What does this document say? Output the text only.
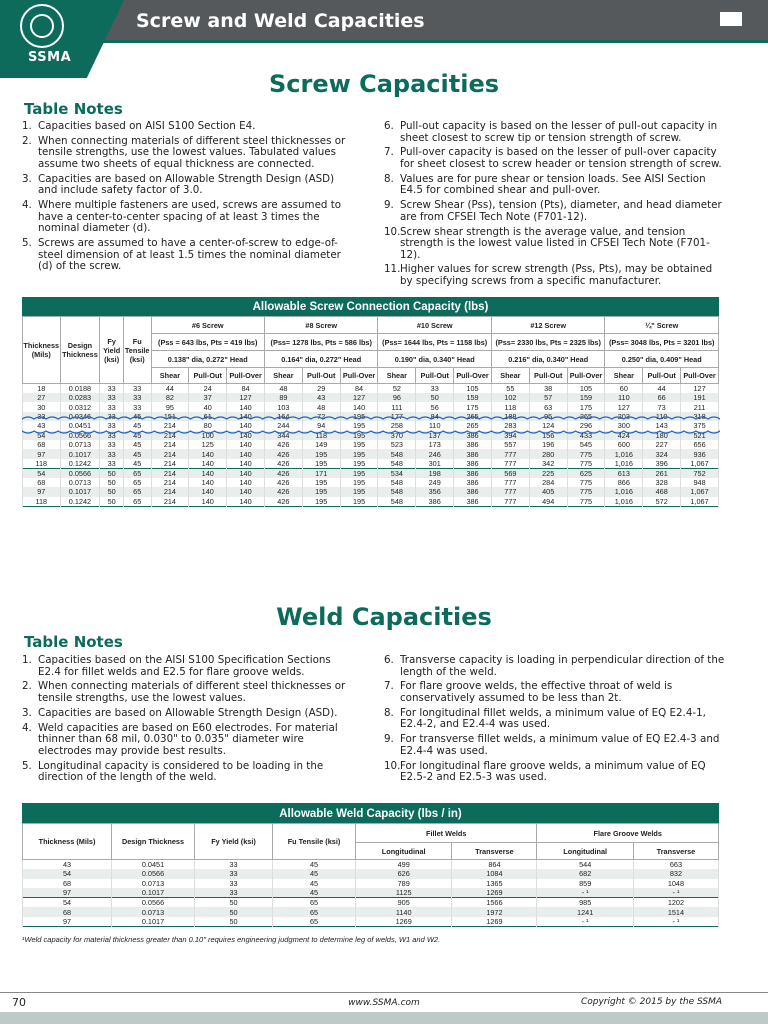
SSMA
Screw and Weld Capacities
Screw Capacities
Table Notes
1. Capacities based on AISI S100 Section E4.
2. When connecting materials of different steel thicknesses or tensile strengths, use the lowest values. Tabulated values assume two sheets of equal thickness are connected.
3. Capacities are based on Allowable Strength Design (ASD) and include safety factor of 3.0.
4. Where multiple fasteners are used, screws are assumed to have a center-to-center spacing of at least 3 times the nominal diameter (d).
5. Screws are assumed to have a center-of-screw to edge-of-steel dimension of at least 1.5 times the nominal diameter (d) of the screw.
6. Pull-out capacity is based on the lesser of pull-out capacity in sheet closest to screw tip or tension strength of screw.
7. Pull-over capacity is based on the lesser of pull-over capacity for sheet closest to screw header or tension strength of screw.
8. Values are for pure shear or tension loads. See AISI Section E4.5 for combined shear and pull-over.
9. Screw Shear (Pss), tension (Pts), diameter, and head diameter are from CFSEI Tech Note (F701-12).
10. Screw shear strength is the average value, and tension strength is the lowest value listed in CFSEI Tech Note (F701-12).
11. Higher values for screw strength (Pss, Pts), may be obtained by specifying screws from a specific manufacturer.
Allowable Screw Connection Capacity (lbs)																		
Thickness (Mils)	Design Thickness	Fy Yield (ksi)	Fu Tensile (ksi)	#6 Screw			#8 Screw			#10 Screw			#12 Screw			¼" Screw		
				(Pss = 643 lbs, Pts = 419 lbs)			(Pss= 1278 lbs, Pts = 586 lbs)			(Pss= 1644 lbs, Pts = 1158 lbs)			(Pss= 2330 lbs, Pts = 2325 lbs)			(Pss= 3048 lbs, Pts = 3201 lbs)		
				0.138" dia, 0.272" Head			0.164" dia, 0.272" Head			0.190" dia, 0.340" Head			0.216" dia, 0.340" Head			0.250" dia, 0.409" Head		
				Shear	Pull-Out	Pull-Over	Shear	Pull-Out	Pull-Over	Shear	Pull-Out	Pull-Over	Shear	Pull-Out	Pull-Over	Shear	Pull-Out	Pull-Over
18	0.0188	33	33	44	24	84	48	29	84	52	33	105	55	38	105	60	44	127
27	0.0283	33	33	82	37	127	89	43	127	96	50	159	102	57	159	110	66	191
30	0.0312	33	33	95	40	140	103	48	140	111	56	175	118	63	175	127	73	211
33	0.0346	33	45	151	61	140	164	72	195	177	84	265	188	95	265	203	110	318
43	0.0451	33	45	214	80	140	244	94	195	258	110	265	283	124	296	300	143	375
54	0.0566	33	45	214	100	140	344	118	195	370	137	386	394	156	433	424	180	521
68	0.0713	33	45	214	125	140	426	149	195	523	173	386	557	196	545	600	227	656
97	0.1017	33	45	214	140	140	426	195	195	548	246	386	777	280	775	1,016	324	936
118	0.1242	33	45	214	140	140	426	195	195	548	301	386	777	342	775	1,016	396	1,067
54	0.0566	50	65	214	140	140	426	171	195	534	198	386	569	225	625	613	261	752
68	0.0713	50	65	214	140	140	426	195	195	548	249	386	777	284	775	866	328	948
97	0.1017	50	65	214	140	140	426	195	195	548	356	386	777	405	775	1,016	468	1,067
118	0.1242	50	65	214	140	140	426	195	195	548	386	386	777	494	775	1,016	572	1,067
Weld Capacities
Table Notes
1. Capacities based on the AISI S100 Specification Sections E2.4 for fillet welds and E2.5 for flare groove welds.
2. When connecting materials of different steel thicknesses or tensile strengths, use the lowest values.
3. Capacities are based on Allowable Strength Design (ASD).
4. Weld capacities are based on E60 electrodes. For material thinner than 68 mil, 0.030" to 0.035" diameter wire electrodes may provide best results.
5. Longitudinal capacity is considered to be loading in the direction of the length of the weld.
6. Transverse capacity is loading in perpendicular direction of the length of the weld.
7. For flare groove welds, the effective throat of weld is conservatively assumed to be less than 2t.
8. For longitudinal fillet welds, a minimum value of EQ E2.4-1, E2.4-2, and E2.4-4 was used.
9. For transverse fillet welds, a minimum value of EQ E2.4-3 and E2.4-4 was used.
10. For longitudinal flare groove welds, a minimum value of EQ E2.5-2 and E2.5-3 was used.
Allowable Weld Capacity (lbs / in)							
Thickness (Mils)	Design Thickness	Fy Yield (ksi)	Fu Tensile (ksi)	Fillet Welds		Flare Groove Welds	
				Longitudinal	Transverse	Longitudinal	Transverse
43	0.0451	33	45	499	864	544	663
54	0.0566	33	45	626	1084	682	832
68	0.0713	33	45	789	1365	859	1048
97	0.1017	33	45	1125	1269	- ¹	- ¹
54	0.0566	50	65	905	1566	985	1202
68	0.0713	50	65	1140	1972	1241	1514
97	0.1017	50	65	1269	1269	- ¹	- ¹
¹Weld capacity for material thickness greater than 0.10" requires engineering judgment to determine leg of welds, W1 and W2.
70	www.SSMA.com	Copyright © 2015 by the SSMA
